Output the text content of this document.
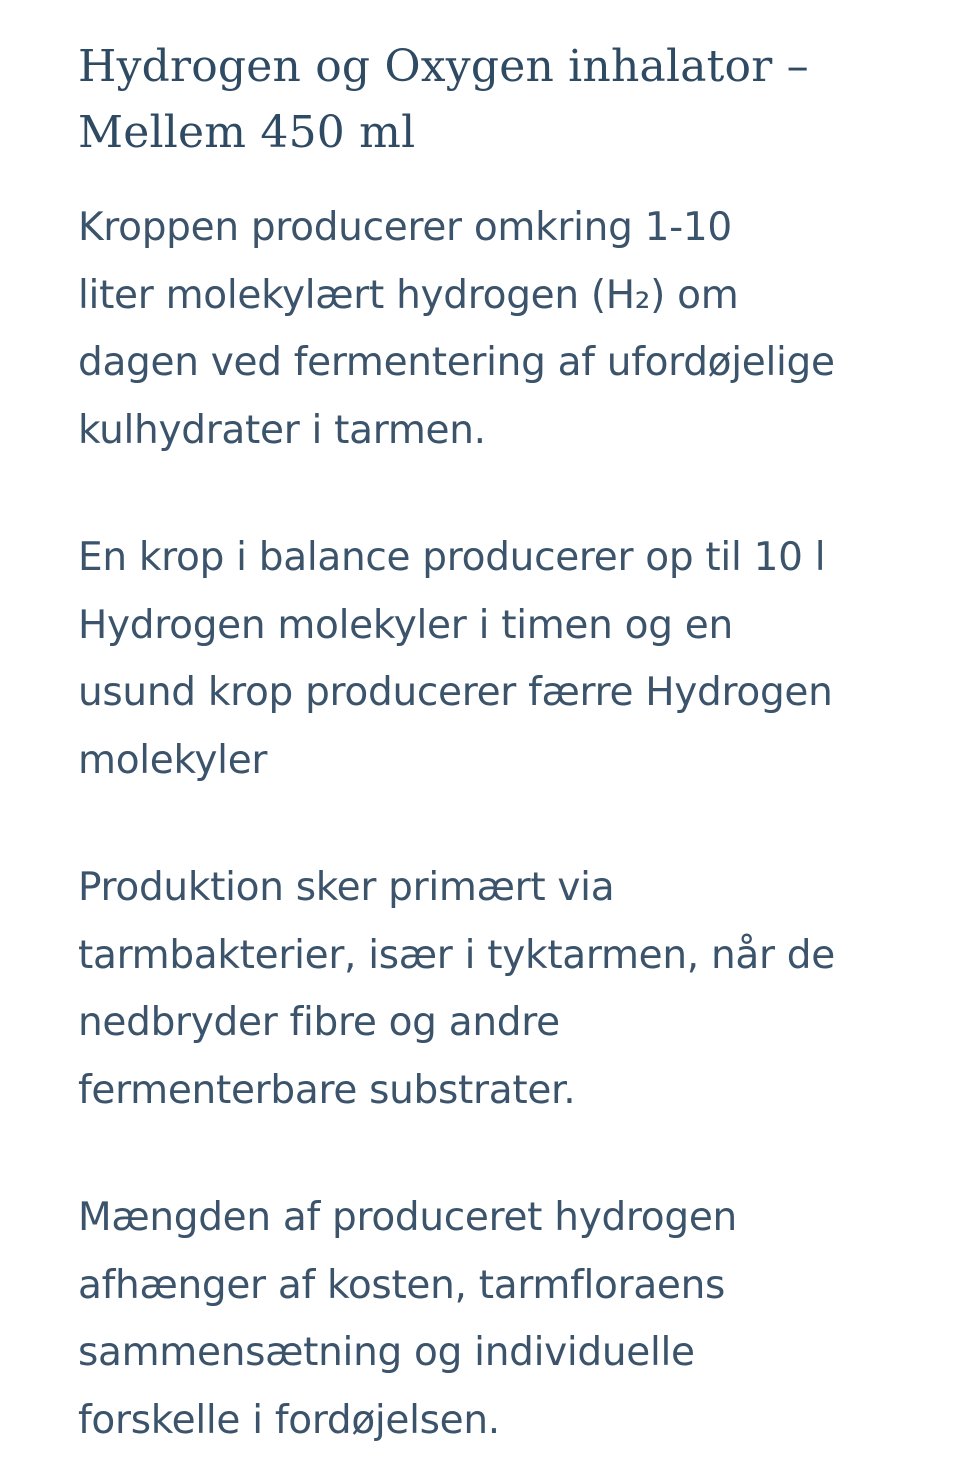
Hydrogen og Oxygen inhalator –
Mellem 450 ml

Kroppen producerer omkring 1-10
liter molekylært hydrogen (H₂) om
dagen ved fermentering af ufordøjelige
kulhydrater i tarmen.

En krop i balance producerer op til 10 l
Hydrogen molekyler i timen og en
usund krop producerer færre Hydrogen
molekyler

Produktion sker primært via
tarmbakterier, især i tyktarmen, når de
nedbryder fibre og andre
fermenterbare substrater.

Mængden af produceret hydrogen
afhænger af kosten, tarmfloraens
sammensætning og individuelle
forskelle i fordøjelsen.
